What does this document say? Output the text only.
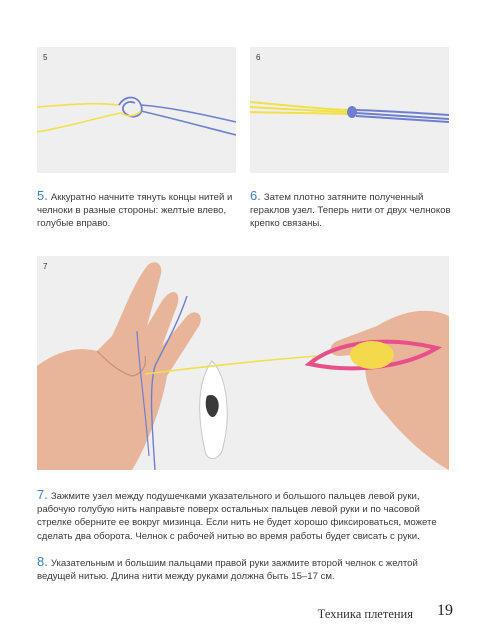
5	6
5. Аккуратно начните тянуть концы нитей и челноки в разные стороны: желтые влево, голубые вправо.
6. Затем плотно затяните полученный гераклов узел. Теперь нити от двух челноков крепко связаны.
7
7. Зажмите узел между подушечками указательного и большого пальцев левой руки, рабочую голубую нить направьте поверх остальных пальцев левой руки и по часовой стрелке оберните ее вокруг мизинца. Если нить не будет хорошо фиксироваться, можете сделать два оборота. Челнок с рабочей нитью во время работы будет свисать с руки.
8. Указательным и большим пальцами правой руки зажмите второй челнок с желтой ведущей нитью. Длина нити между руками должна быть 15–17 см.
Техника плетения 19
